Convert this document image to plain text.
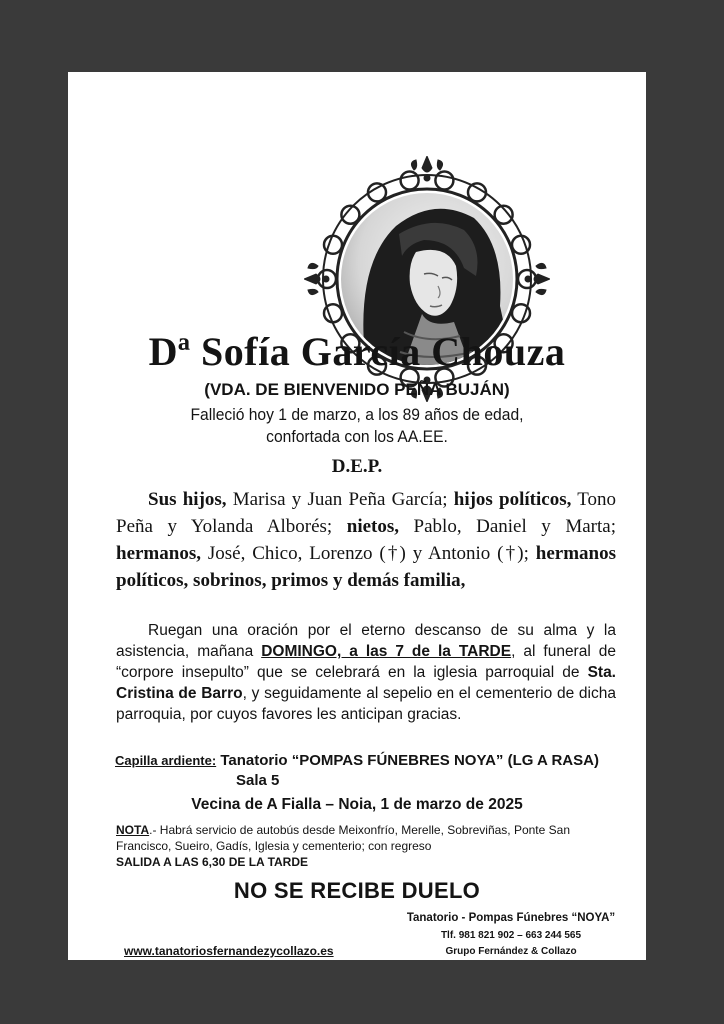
Dª Sofía García Chouza
(VDA. DE BIENVENIDO PEÑA BUJÁN)
Falleció hoy 1 de marzo, a los 89 años de edad,
confortada con los AA.EE.
D.E.P.
Sus hijos, Marisa y Juan Peña García; hijos políticos, Tono Peña y Yolanda Alborés; nietos, Pablo, Daniel y Marta; hermanos, José, Chico, Lorenzo (†) y Antonio (†); hermanos políticos, sobrinos, primos y demás familia,
Ruegan una oración por el eterno descanso de su alma y la asistencia, mañana DOMINGO, a las 7 de la TARDE, al funeral de “corpore insepulto” que se celebrará en la iglesia parroquial de Sta. Cristina de Barro, y seguidamente al sepelio en el cementerio de dicha parroquia, por cuyos favores les anticipan gracias.
Capilla ardiente: Tanatorio “POMPAS FÚNEBRES NOYA” (LG A RASA)
Sala 5
Vecina de A Fialla – Noia, 1 de marzo de 2025
NOTA.- Habrá servicio de autobús desde Meixonfrío, Merelle, Sobreviñas, Ponte San Francisco, Sueiro, Gadís, Iglesia y cementerio; con regreso
SALIDA A LAS 6,30 DE LA TARDE
NO SE RECIBE DUELO
Tanatorio - Pompas Fúnebres “NOYA”
Tlf. 981 821 902 – 663 244 565
Grupo Fernández & Collazo
www.tanatoriosfernandezycollazo.es
